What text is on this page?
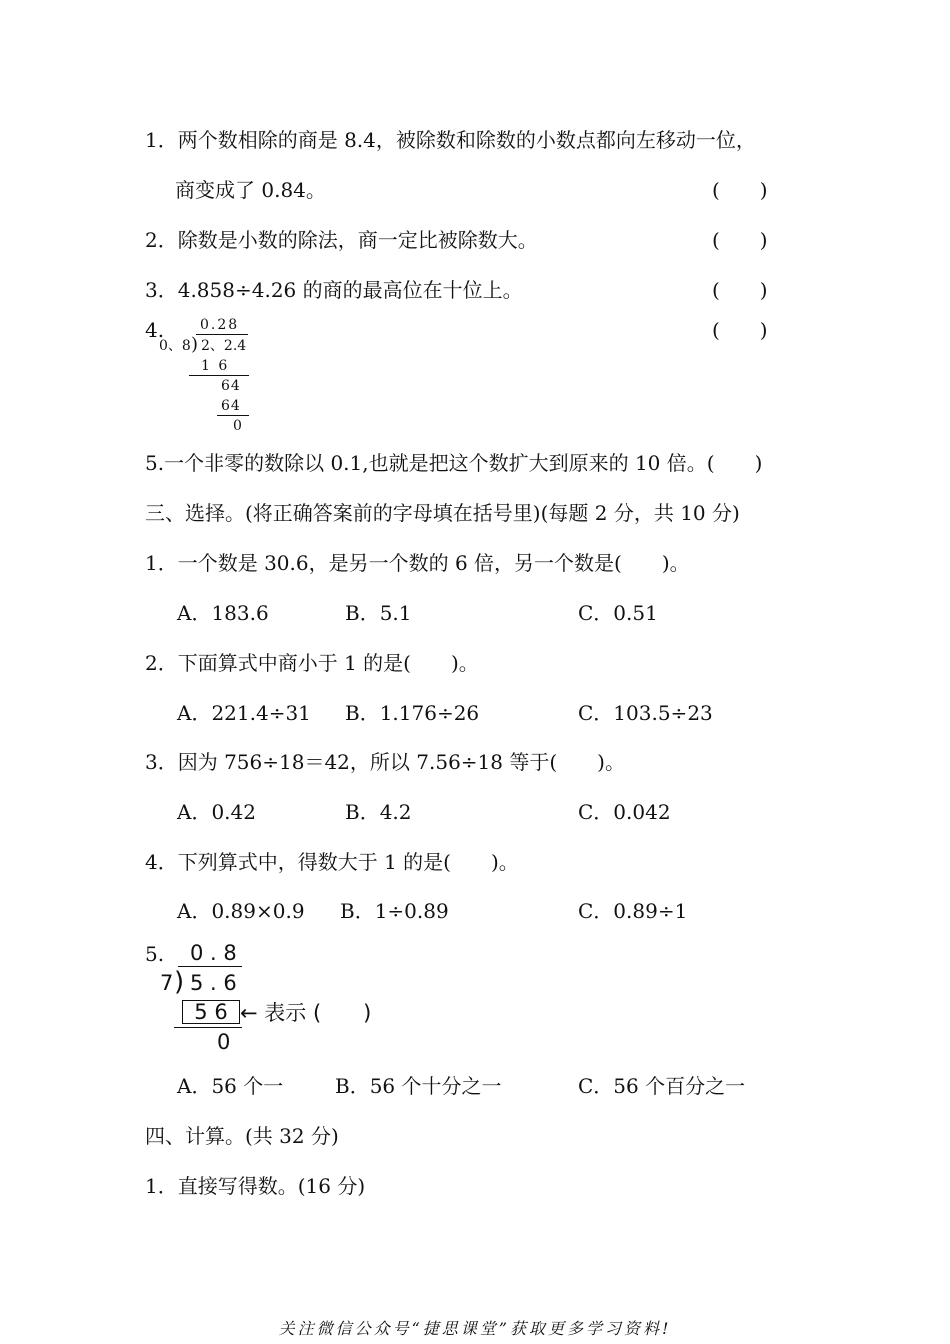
1．两个数相除的商是 8.4，被除数和除数的小数点都向左移动一位，
商变成了 0.84。	(　　)
2．除数是小数的除法，商一定比被除数大。	(　　)
3．4.858÷4.26 的商的最高位在十位上。	(　　)
4.	(　　)
0.28
0、8 ) 2、2.4
1 6
64
64
0
5.一个非零的数除以 0.1,也就是把这个数扩大到原来的 10 倍。(　　)
三、选择。(将正确答案前的字母填在括号里)(每题 2 分，共 10 分)
1．一个数是 30.6，是另一个数的 6 倍，另一个数是(　　)。
A．183.6	B．5.1	C．0.51
2．下面算式中商小于 1 的是(　　)。
A．221.4÷31 B．1.176÷26	C．103.5÷23
3．因为 756÷18＝42，所以 7.56÷18 等于(　　)。
A．0.42	B．4.2	C．0.042
4．下列算式中，得数大于 1 的是(　　)。
A．0.89×0.9 B．1÷0.89	C．0.89÷1
5. 0 . 8
7 ) 5 . 6
5 6 ← 表示 (　　)
0
A．56 个一	B．56 个十分之一	C．56 个百分之一
四、计算。(共 32 分)
1．直接写得数。(16 分)
关注微信公众号“捷思课堂”获取更多学习资料!
